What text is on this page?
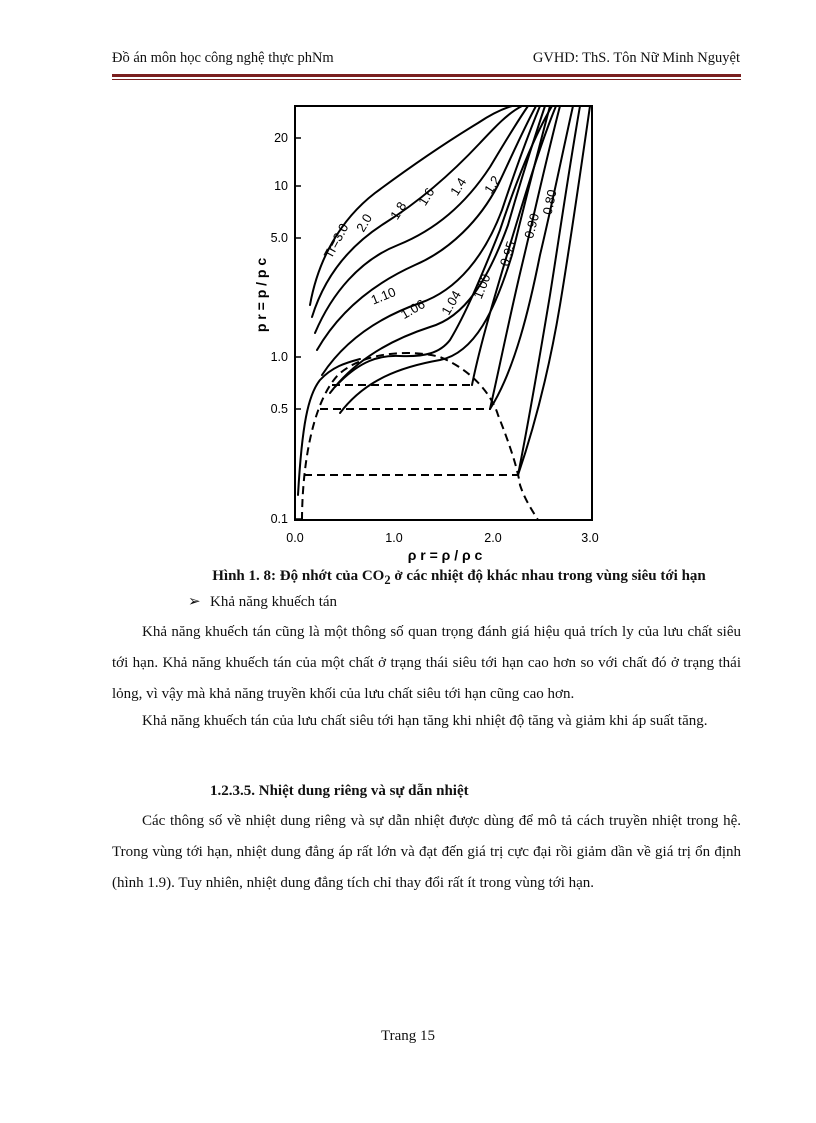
Đồ án môn học công nghệ thực phNm	GVHD: ThS. Tôn Nữ Minh Nguyệt
20
10
5.0
1.0
0.5
0.1
0.0	1.0	2.0	3.0
p r = p / p c
ρ r = ρ / ρ c
Tr=3.0 2.0
1.8
1.6 1.4 1.2
1.10
1.06 1.04
1.00
0.95
0.90
0.80
Hình 1. 8: Độ nhớt của $CO_2$ ở các nhiệt độ khác nhau trong vùng siêu tới hạn
➢ Khả năng khuếch tán

Khả năng khuếch tán cũng là một thông số quan trọng đánh giá hiệu quả trích ly của lưu chất siêu tới hạn. Khả năng khuếch tán của một chất ở trạng thái siêu tới hạn cao hơn so với chất đó ở trạng thái lỏng, vì vậy mà khả năng truyền khối của lưu chất siêu tới hạn cũng cao hơn.

Khả năng khuếch tán của lưu chất siêu tới hạn tăng khi nhiệt độ tăng và giảm khi áp suất tăng.

1.2.3.5. Nhiệt dung riêng và sự dẫn nhiệt

Các thông số về nhiệt dung riêng và sự dẫn nhiệt được dùng để mô tả cách truyền nhiệt trong hệ. Trong vùng tới hạn, nhiệt dung đẳng áp rất lớn và đạt đến giá trị cực đại rồi giảm dần về giá trị ổn định (hình 1.9). Tuy nhiên, nhiệt dung đẳng tích chỉ thay đổi rất ít trong vùng tới hạn.

Trang 15
